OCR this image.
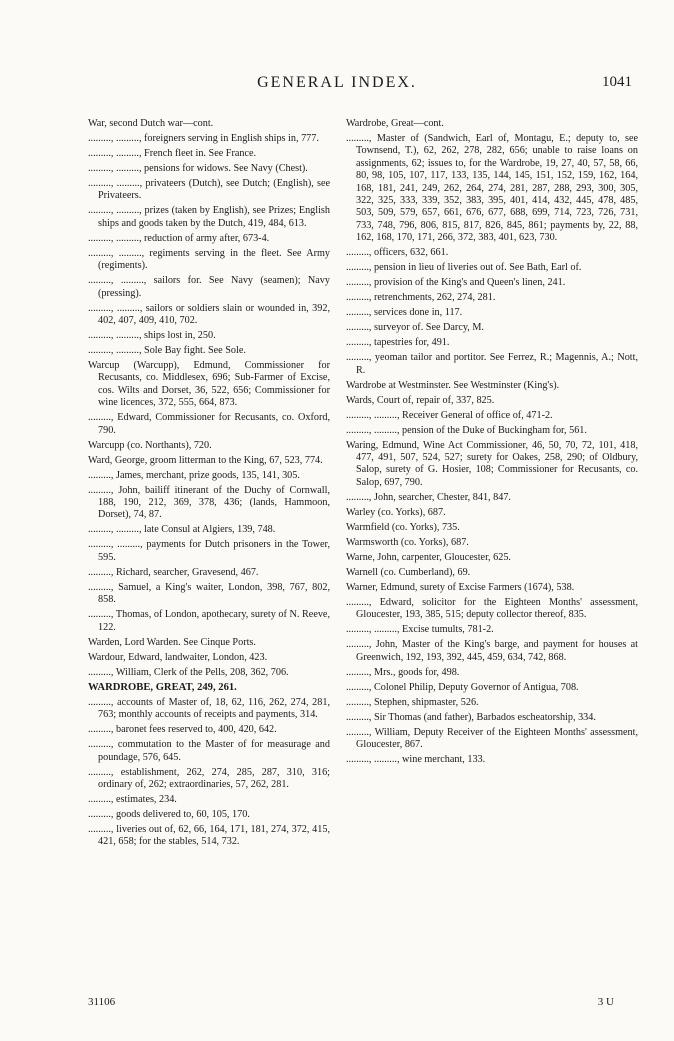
GENERAL INDEX.	1041

War, second Dutch war—cont.

........., ........., foreigners serving in English ships in, 777.

........., ........., French fleet in. See France.

........., ........., pensions for widows. See Navy (Chest).

........., ........., privateers (Dutch), see Dutch; (English), see Privateers.

........., ........., prizes (taken by English), see Prizes; English ships and goods taken by the Dutch, 419, 484, 613.

........., ........., reduction of army after, 673-4.

........., ........., regiments serving in the fleet. See Army (regiments).

........., ........., sailors for. See Navy (seamen); Navy (pressing).

........., ........., sailors or soldiers slain or wounded in, 392, 402, 407, 409, 410, 702.

........., ........., ships lost in, 250.

........., ........., Sole Bay fight. See Sole.

Warcup (Warcupp), Edmund, Commissioner for Recusants, co. Middlesex, 696; Sub-Farmer of Excise, cos. Wilts and Dorset, 36, 522, 656; Commissioner for wine licences, 372, 555, 664, 873.

........., Edward, Commissioner for Recusants, co. Oxford, 790.

Warcupp (co. Northants), 720.

Ward, George, groom litterman to the King, 67, 523, 774.

........., James, merchant, prize goods, 135, 141, 305.

........., John, bailiff itinerant of the Duchy of Cornwall, 188, 190, 212, 369, 378, 436; (lands, Hammoon, Dorset), 74, 87.

........., ........., late Consul at Algiers, 139, 748.

........., ........., payments for Dutch prisoners in the Tower, 595.

........., Richard, searcher, Gravesend, 467.

........., Samuel, a King's waiter, London, 398, 767, 802, 858.

........., Thomas, of London, apothecary, surety of N. Reeve, 122.

Warden, Lord Warden. See Cinque Ports.

Wardour, Edward, landwaiter, London, 423.

........., William, Clerk of the Pells, 208, 362, 706.

WARDROBE, GREAT, 249, 261.

........., accounts of Master of, 18, 62, 116, 262, 274, 281, 763; monthly accounts of receipts and payments, 314.

........., baronet fees reserved to, 400, 420, 642.

........., commutation to the Master of for measurage and poundage, 576, 645.

........., establishment, 262, 274, 285, 287, 310, 316; ordinary of, 262; extraordinaries, 57, 262, 281.

........., estimates, 234.

........., goods delivered to, 60, 105, 170.

........., liveries out of, 62, 66, 164, 171, 181, 274, 372, 415, 421, 658; for the stables, 514, 732.

Wardrobe, Great—cont.

........., Master of (Sandwich, Earl of, Montagu, E.; deputy to, see Townsend, T.), 62, 262, 278, 282, 656; unable to raise loans on assignments, 62; issues to, for the Wardrobe, 19, 27, 40, 57, 58, 66, 80, 98, 105, 107, 117, 133, 135, 144, 145, 151, 152, 159, 162, 164, 168, 181, 241, 249, 262, 264, 274, 281, 287, 288, 293, 300, 305, 322, 325, 333, 339, 352, 383, 395, 401, 414, 432, 445, 478, 485, 503, 509, 579, 657, 661, 676, 677, 688, 699, 714, 723, 726, 731, 733, 748, 796, 806, 815, 817, 826, 845, 861; payments by, 22, 88, 162, 168, 170, 171, 266, 372, 383, 401, 623, 730.

........., officers, 632, 661.

........., pension in lieu of liveries out of. See Bath, Earl of.

........., provision of the King's and Queen's linen, 241.

........., retrenchments, 262, 274, 281.

........., services done in, 117.

........., surveyor of. See Darcy, M.

........., tapestries for, 491.

........., yeoman tailor and portitor. See Ferrez, R.; Magennis, A.; Nott, R.

Wardrobe at Westminster. See Westminster (King's).

Wards, Court of, repair of, 337, 825.

........., ........., Receiver General of office of, 471-2.

........., ........., pension of the Duke of Buckingham for, 561.

Waring, Edmund, Wine Act Commissioner, 46, 50, 70, 72, 101, 418, 477, 491, 507, 524, 527; surety for Oakes, 258, 290; of Oldbury, Salop, surety of G. Hosier, 108; Commissioner for Recusants, co. Salop, 697, 790.

........., John, searcher, Chester, 841, 847.

Warley (co. Yorks), 687.

Warmfield (co. Yorks), 735.

Warmsworth (co. Yorks), 687.

Warne, John, carpenter, Gloucester, 625.

Warnell (co. Cumberland), 69.

Warner, Edmund, surety of Excise Farmers (1674), 538.

........., Edward, solicitor for the Eighteen Months' assessment, Gloucester, 193, 385, 515; deputy collector thereof, 835.

........., ........., Excise tumults, 781-2.

........., John, Master of the King's barge, and payment for houses at Greenwich, 192, 193, 392, 445, 459, 634, 742, 868.

........., Mrs., goods for, 498.

........., Colonel Philip, Deputy Governor of Antigua, 708.

........., Stephen, shipmaster, 526.

........., Sir Thomas (and father), Barbados escheatorship, 334.

........., William, Deputy Receiver of the Eighteen Months' assessment, Gloucester, 867.

........., ........., wine merchant, 133.

31106	3 U
